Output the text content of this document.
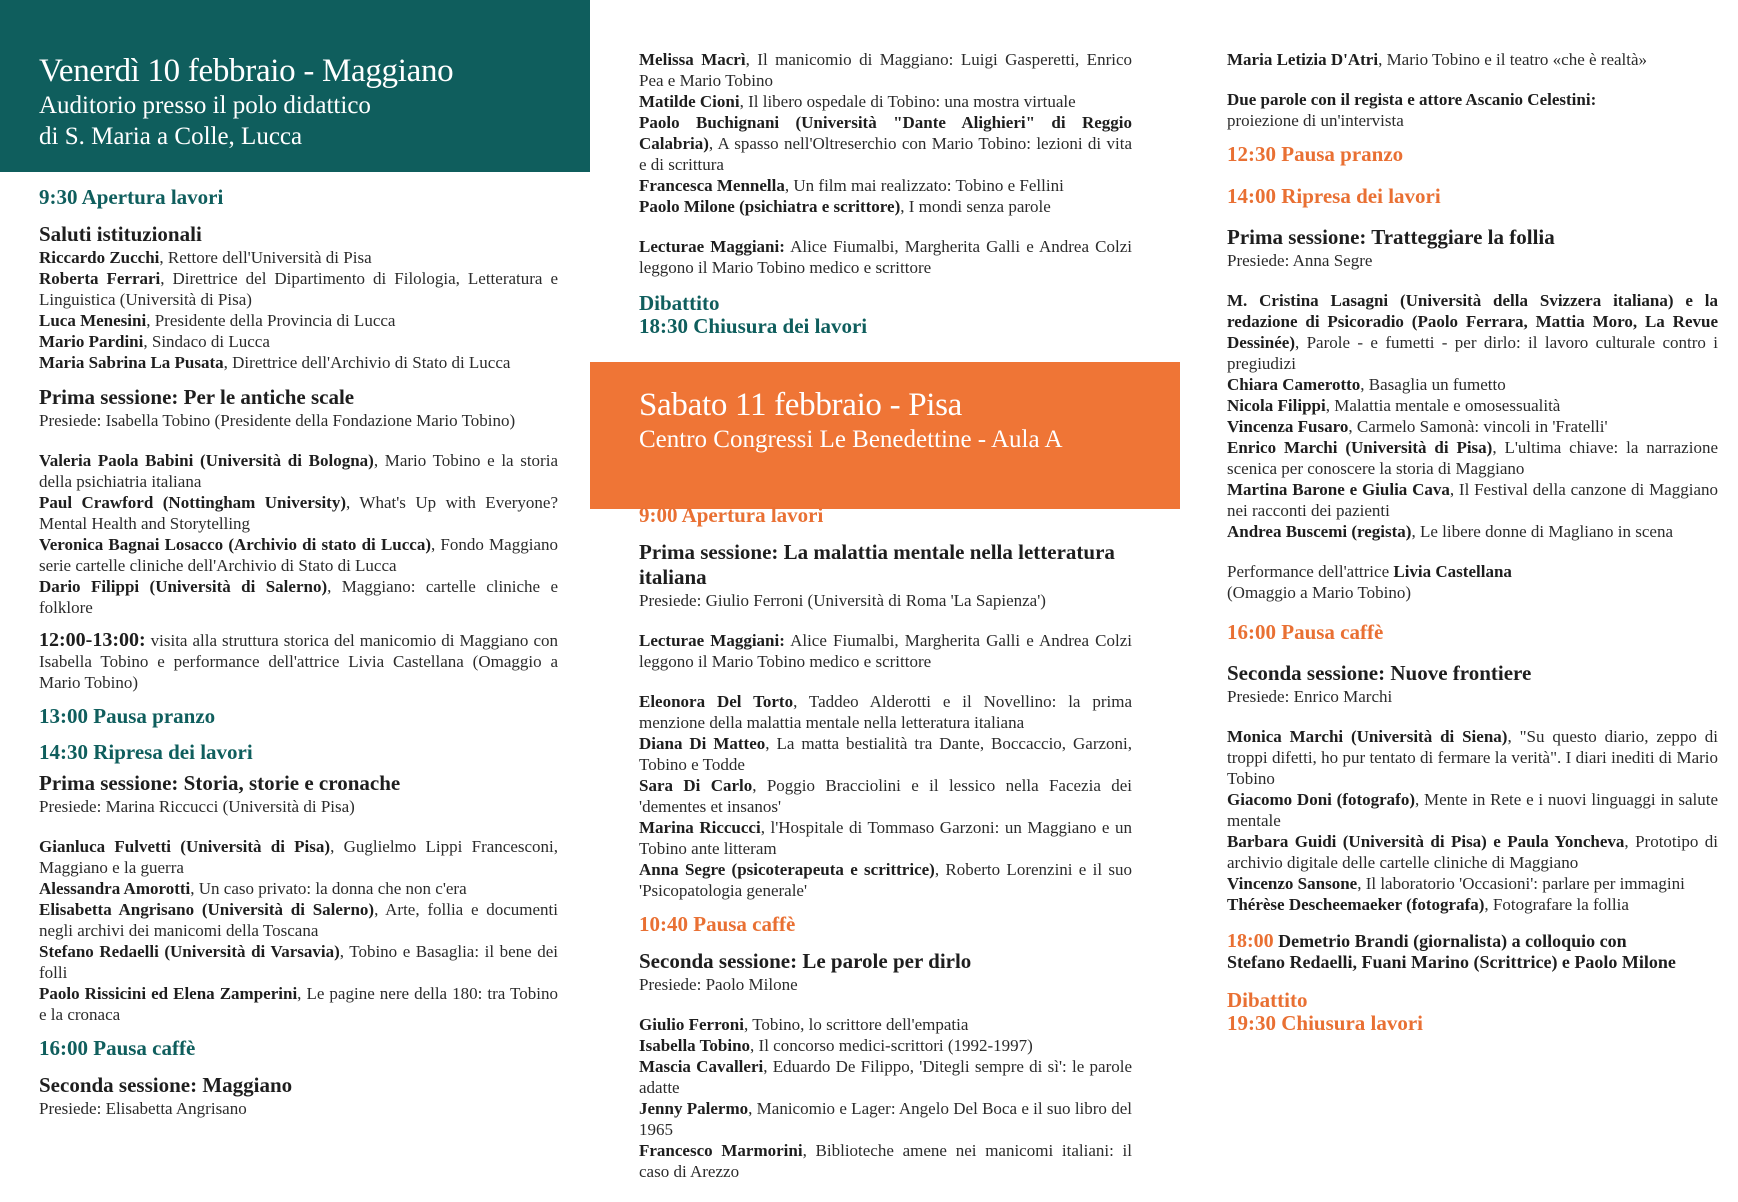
Venerdì 10 febbraio - Maggiano
Auditorio presso il polo didattico
di S. Maria a Colle, Lucca
9:30 Apertura lavori
Saluti istituzionali

Riccardo Zucchi, Rettore dell'Università di Pisa

Roberta Ferrari, Direttrice del Dipartimento di Filologia, Letteratura e Linguistica (Università di Pisa)

Luca Menesini, Presidente della Provincia di Lucca

Mario Pardini, Sindaco di Lucca

Maria Sabrina La Pusata, Direttrice dell'Archivio di Stato di Lucca

Prima sessione: Per le antiche scale

Presiede: Isabella Tobino (Presidente della Fondazione Mario Tobino)

Valeria Paola Babini (Università di Bologna), Mario Tobino e la storia della psichiatria italiana

Paul Crawford (Nottingham University), What's Up with Everyone? Mental Health and Storytelling

Veronica Bagnai Losacco (Archivio di stato di Lucca), Fondo Maggiano serie cartelle cliniche dell'Archivio di Stato di Lucca

Dario Filippi (Università di Salerno), Maggiano: cartelle cliniche e folklore

12:00-13:00: visita alla struttura storica del manicomio di Maggiano con Isabella Tobino e performance dell'attrice Livia Castellana (Omaggio a Mario Tobino)

13:00 Pausa pranzo
14:30 Ripresa dei lavori
Prima sessione: Storia, storie e cronache

Presiede: Marina Riccucci (Università di Pisa)

Gianluca Fulvetti (Università di Pisa), Guglielmo Lippi Francesconi, Maggiano e la guerra

Alessandra Amorotti, Un caso privato: la donna che non c'era

Elisabetta Angrisano (Università di Salerno), Arte, follia e documenti negli archivi dei manicomi della Toscana

Stefano Redaelli (Università di Varsavia), Tobino e Basaglia: il bene dei folli

Paolo Rissicini ed Elena Zamperini, Le pagine nere della 180: tra Tobino e la cronaca

16:00 Pausa caffè
Seconda sessione: Maggiano

Presiede: Elisabetta Angrisano

Melissa Macrì, Il manicomio di Maggiano: Luigi Gasperetti, Enrico Pea e Mario Tobino

Matilde Cioni, Il libero ospedale di Tobino: una mostra virtuale

Paolo Buchignani (Università "Dante Alighieri" di Reggio Calabria), A spasso nell'Oltreserchio con Mario Tobino: lezioni di vita e di scrittura

Francesca Mennella, Un film mai realizzato: Tobino e Fellini

Paolo Milone (psichiatra e scrittore), I mondi senza parole

Lecturae Maggiani: Alice Fiumalbi, Margherita Galli e Andrea Colzi leggono il Mario Tobino medico e scrittore

Dibattito
18:30 Chiusura dei lavori
Sabato 11 febbraio - Pisa
Centro Congressi Le Benedettine - Aula A
9:00 Apertura lavori
Prima sessione: La malattia mentale nella letteratura italiana

Presiede: Giulio Ferroni (Università di Roma 'La Sapienza')

Lecturae Maggiani: Alice Fiumalbi, Margherita Galli e Andrea Colzi leggono il Mario Tobino medico e scrittore

Eleonora Del Torto, Taddeo Alderotti e il Novellino: la prima menzione della malattia mentale nella letteratura italiana

Diana Di Matteo, La matta bestialità tra Dante, Boccaccio, Garzoni, Tobino e Todde

Sara Di Carlo, Poggio Bracciolini e il lessico nella Facezia dei 'dementes et insanos'

Marina Riccucci, l'Hospitale di Tommaso Garzoni: un Maggiano e un Tobino ante litteram

Anna Segre (psicoterapeuta e scrittrice), Roberto Lorenzini e il suo 'Psicopatologia generale'

10:40 Pausa caffè
Seconda sessione: Le parole per dirlo

Presiede: Paolo Milone

Giulio Ferroni, Tobino, lo scrittore dell'empatia

Isabella Tobino, Il concorso medici-scrittori (1992-1997)

Mascia Cavalleri, Eduardo De Filippo, 'Ditegli sempre di sì': le parole adatte

Jenny Palermo, Manicomio e Lager: Angelo Del Boca e il suo libro del 1965

Francesco Marmorini, Biblioteche amene nei manicomi italiani: il caso di Arezzo

Maria Letizia D'Atri, Mario Tobino e il teatro «che è realtà»

Due parole con il regista e attore Ascanio Celestini:
proiezione di un'intervista

12:30 Pausa pranzo
14:00 Ripresa dei lavori
Prima sessione: Tratteggiare la follia

Presiede: Anna Segre

M. Cristina Lasagni (Università della Svizzera italiana) e la redazione di Psicoradio (Paolo Ferrara, Mattia Moro, La Revue Dessinée), Parole - e fumetti - per dirlo: il lavoro culturale contro i pregiudizi

Chiara Camerotto, Basaglia un fumetto

Nicola Filippi, Malattia mentale e omosessualità

Vincenza Fusaro, Carmelo Samonà: vincoli in 'Fratelli'

Enrico Marchi (Università di Pisa), L'ultima chiave: la narrazione scenica per conoscere la storia di Maggiano

Martina Barone e Giulia Cava, Il Festival della canzone di Maggiano nei racconti dei pazienti

Andrea Buscemi (regista), Le libere donne di Magliano in scena

Performance dell'attrice Livia Castellana
(Omaggio a Mario Tobino)

16:00 Pausa caffè
Seconda sessione: Nuove frontiere

Presiede: Enrico Marchi

Monica Marchi (Università di Siena), "Su questo diario, zeppo di troppi difetti, ho pur tentato di fermare la verità". I diari inediti di Mario Tobino

Giacomo Doni (fotografo), Mente in Rete e i nuovi linguaggi in salute mentale

Barbara Guidi (Università di Pisa) e Paula Yoncheva, Prototipo di archivio digitale delle cartelle cliniche di Maggiano

Vincenzo Sansone, Il laboratorio 'Occasioni': parlare per immagini

Thérèse Descheemaeker (fotografa), Fotografare la follia

18:00 Demetrio Brandi (giornalista) a colloquio con
Stefano Redaelli, Fuani Marino (Scrittrice) e Paolo Milone

Dibattito
19:30 Chiusura lavori
